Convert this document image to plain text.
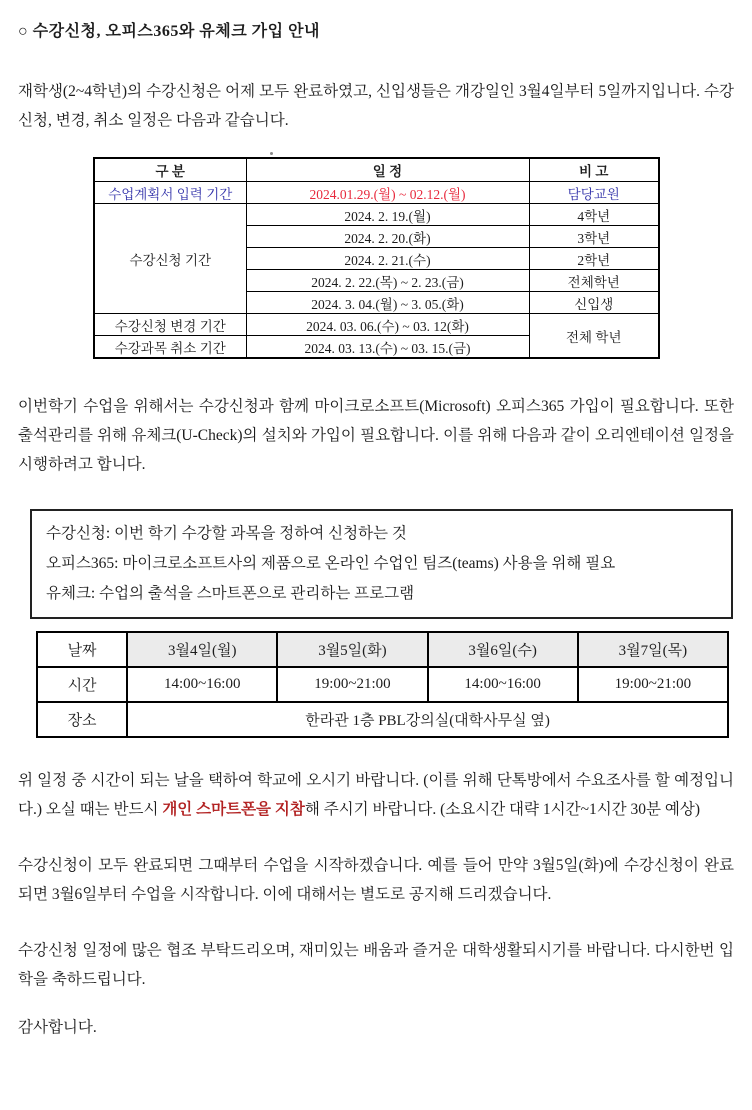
○ 수강신청, 오피스365와 유체크 가입 안내

재학생(2~4학년)의 수강신청은 어제 모두 완료하였고, 신입생들은 개강일인 3월4일부터 5일까지입니다. 수강신청, 변경, 취소 일정은 다음과 같습니다.

구 분	일 정	비 고
수업계획서 입력 기간	2024.01.29.(월) ~ 02.12.(월)	담당교원
수강신청 기간	2024. 2. 19.(월)	4학년
	2024. 2. 20.(화)	3학년
	2024. 2. 21.(수)	2학년
	2024. 2. 22.(목) ~ 2. 23.(금)	전체학년
	2024. 3. 04.(월) ~ 3. 05.(화)	신입생
수강신청 변경 기간	2024. 03. 06.(수) ~ 03. 12(화)	전체 학년
수강과목 취소 기간	2024. 03. 13.(수) ~ 03. 15.(금)	

이번학기 수업을 위해서는 수강신청과 함께 마이크로소프트(Microsoft) 오피스365 가입이 필요합니다. 또한 출석관리를 위해 유체크(U-Check)의 설치와 가입이 필요합니다. 이를 위해 다음과 같이 오리엔테이션 일정을 시행하려고 합니다.

수강신청: 이번 학기 수강할 과목을 정하여 신청하는 것
오피스365: 마이크로소프트사의 제품으로 온라인 수업인 팀즈(teams) 사용을 위해 필요
유체크: 수업의 출석을 스마트폰으로 관리하는 프로그램
날짜	3월4일(월)	3월5일(화)	3월6일(수)	3월7일(목)
시간	14:00~16:00	19:00~21:00	14:00~16:00	19:00~21:00
장소	한라관 1층 PBL강의실(대학사무실 옆)			

위 일정 중 시간이 되는 날을 택하여 학교에 오시기 바랍니다. (이를 위해 단톡방에서 수요조사를 할 예정입니다.) 오실 때는 반드시 개인 스마트폰을 지참해 주시기 바랍니다. (소요시간 대략 1시간~1시간 30분 예상)

수강신청이 모두 완료되면 그때부터 수업을 시작하겠습니다. 예를 들어 만약 3월5일(화)에 수강신청이 완료되면 3월6일부터 수업을 시작합니다. 이에 대해서는 별도로 공지해 드리겠습니다.

수강신청 일정에 많은 협조 부탁드리오며, 재미있는 배움과 즐거운 대학생활되시기를 바랍니다. 다시한번 입학을 축하드립니다.

감사합니다.
